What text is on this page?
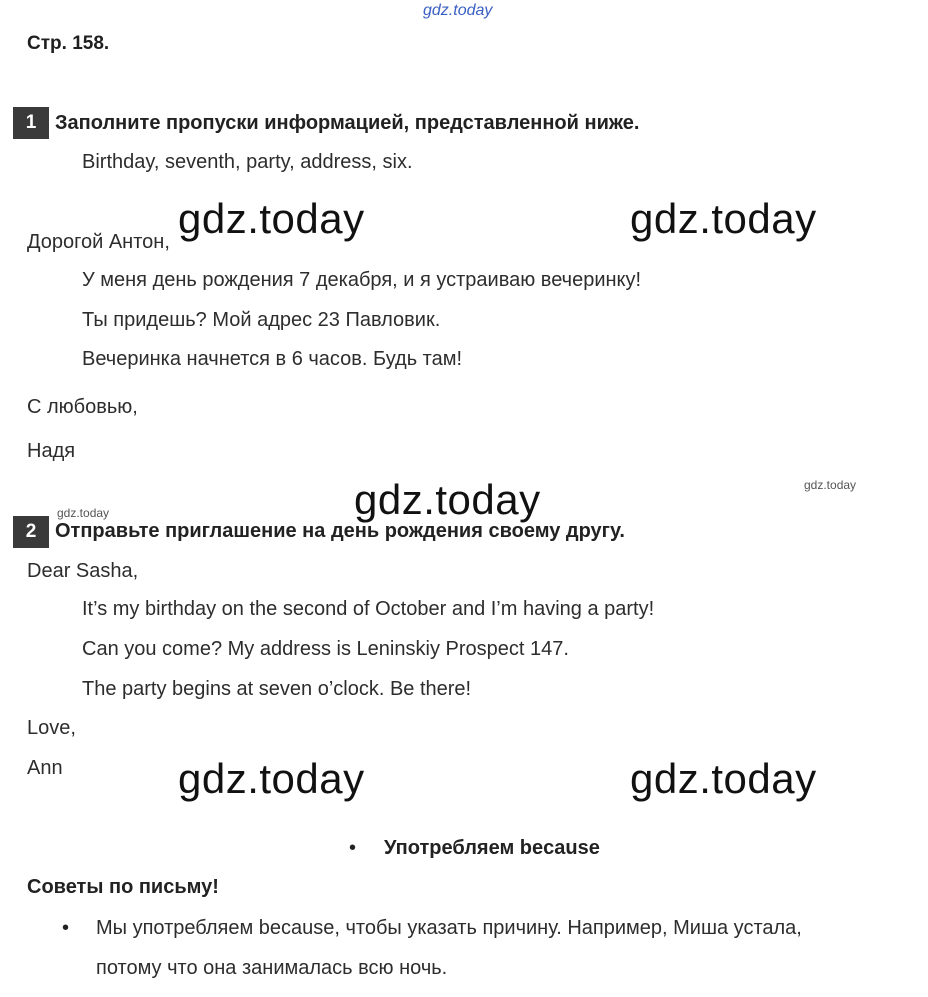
gdz.today
Стр. 158.
1 Заполните пропуски информацией, представленной ниже.
Birthday, seventh, party, address, six.
gdz.today	gdz.today
Дорогой Антон,
У меня день рождения 7 декабря, и я устраиваю вечеринку!
Ты придешь? Мой адрес 23 Павловик.
Вечеринка начнется в 6 часов. Будь там!
С любовью,
Надя
gdz.today
gdz.today
gdz.today
2 Отправьте приглашение на день рождения своему другу.
Dear Sasha,
It’s my birthday on the second of October and I’m having a party!
Can you come? My address is Leninskiy Prospect 147.
The party begins at seven o’clock. Be there!
Love,
Ann	gdz.today	gdz.today
• Употребляем because
Советы по письму!
• Мы употребляем because, чтобы указать причину. Например, Миша устала,
потому что она занималась всю ночь.
